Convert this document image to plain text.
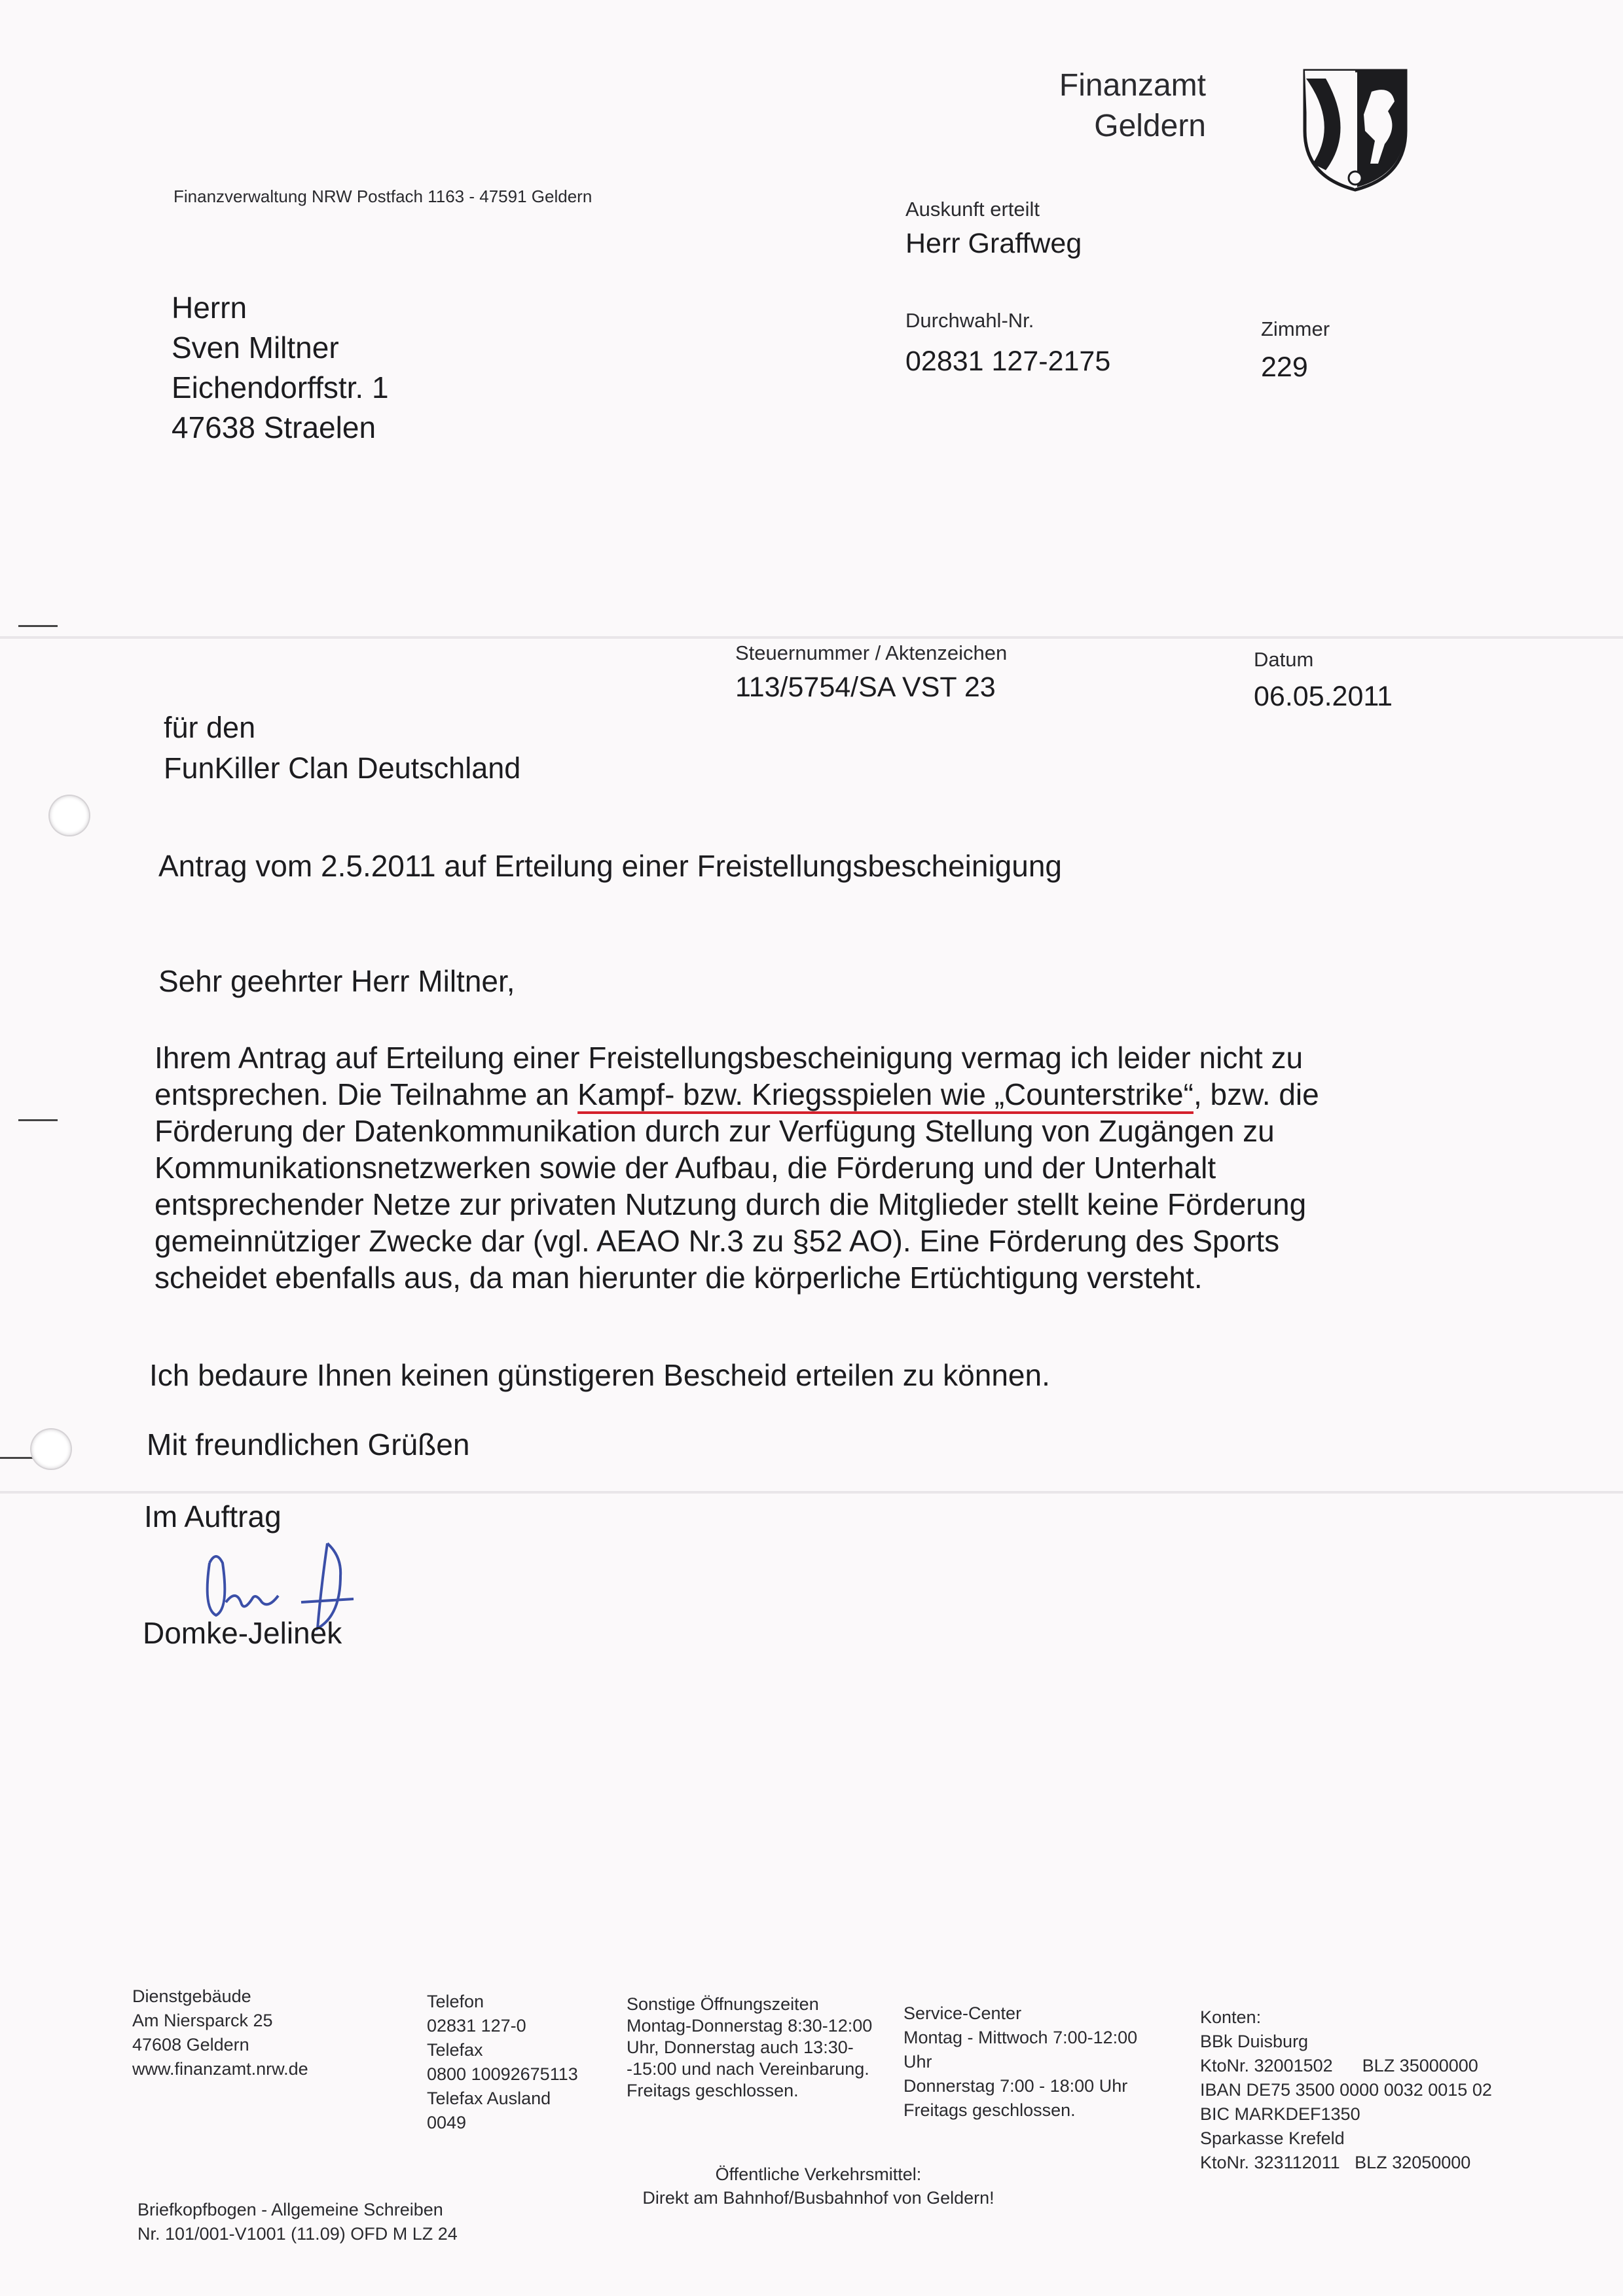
Finanzamt
Geldern
Finanzverwaltung NRW Postfach 1163 - 47591 Geldern
Auskunft erteilt
Herr Graffweg
Durchwahl-Nr.
02831 127-2175
Zimmer
229
Herrn
Sven Miltner
Eichendorffstr. 1
47638 Straelen
Steuernummer / Aktenzeichen
113/5754/SA VST 23
Datum
06.05.2011
für den
FunKiller Clan Deutschland
Antrag vom 2.5.2011 auf Erteilung einer Freistellungsbescheinigung
Sehr geehrter Herr Miltner,
Ihrem Antrag auf Erteilung einer Freistellungsbescheinigung vermag ich leider nicht zu
entsprechen. Die Teilnahme an Kampf- bzw. Kriegsspielen wie „Counterstrike“, bzw. die
Förderung der Datenkommunikation durch zur Verfügung Stellung von Zugängen zu
Kommunikationsnetzwerken sowie der Aufbau, die Förderung und der Unterhalt
entsprechender Netze zur privaten Nutzung durch die Mitglieder stellt keine Förderung
gemeinnütziger Zwecke dar (vgl. AEAO Nr.3 zu §52 AO). Eine Förderung des Sports
scheidet ebenfalls aus, da man hierunter die körperliche Ertüchtigung versteht.
Ich bedaure Ihnen keinen günstigeren Bescheid erteilen zu können.
Mit freundlichen Grüßen
Im Auftrag
Domke-Jelinek
Dienstgebäude
Am Niersparck 25
47608 Geldern
www.finanzamt.nrw.de
Telefon
02831 127-0
Telefax
0800 10092675113
Telefax Ausland
0049
Sonstige Öffnungszeiten
Montag-Donnerstag 8:30-12:00
Uhr, Donnerstag auch 13:30-
-15:00 und nach Vereinbarung.
Freitags geschlossen.
Service-Center
Montag - Mittwoch 7:00-12:00
Uhr
Donnerstag 7:00 - 18:00 Uhr
Freitags geschlossen.
Konten:
BBk Duisburg
KtoNr. 32001502      BLZ 35000000
IBAN DE75 3500 0000 0032 0015 02
BIC MARKDEF1350
Sparkasse Krefeld
KtoNr. 323112011   BLZ 32050000
Öffentliche Verkehrsmittel:
Direkt am Bahnhof/Busbahnhof von Geldern!
Briefkopfbogen - Allgemeine Schreiben
Nr. 101/001-V1001 (11.09) OFD M LZ 24
